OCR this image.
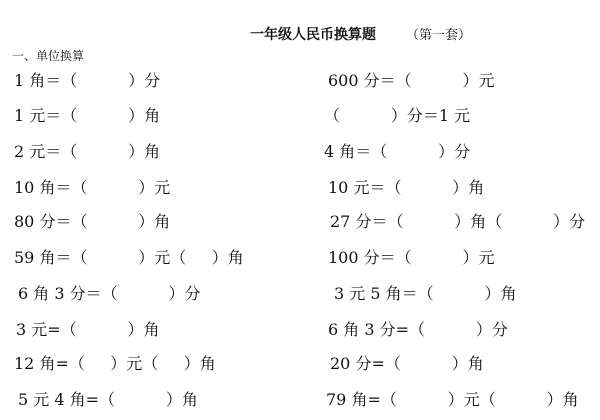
一年级人民币换算题 （第一套）
一、单位换算
1 角＝（          ）分
1 元＝（          ）角
2 元＝（          ）角
10 角＝（          ）元
80 分＝（          ）角
59 角＝（          ）元（     ）角
6 角 3 分＝（          ）分
3 元=（          ）角
12 角=（     ）元（     ）角
5 元 4 角=（          ）角
600 分＝（          ）元
（          ）分＝1 元
4 角＝（          ）分
10 元＝（          ）角
27 分＝（          ）角（          ）分
100 分＝（          ）元
3 元 5 角＝（          ）角
6 角 3 分=（          ）分
20 分=（          ）角
79 角=（          ）元（          ）角
